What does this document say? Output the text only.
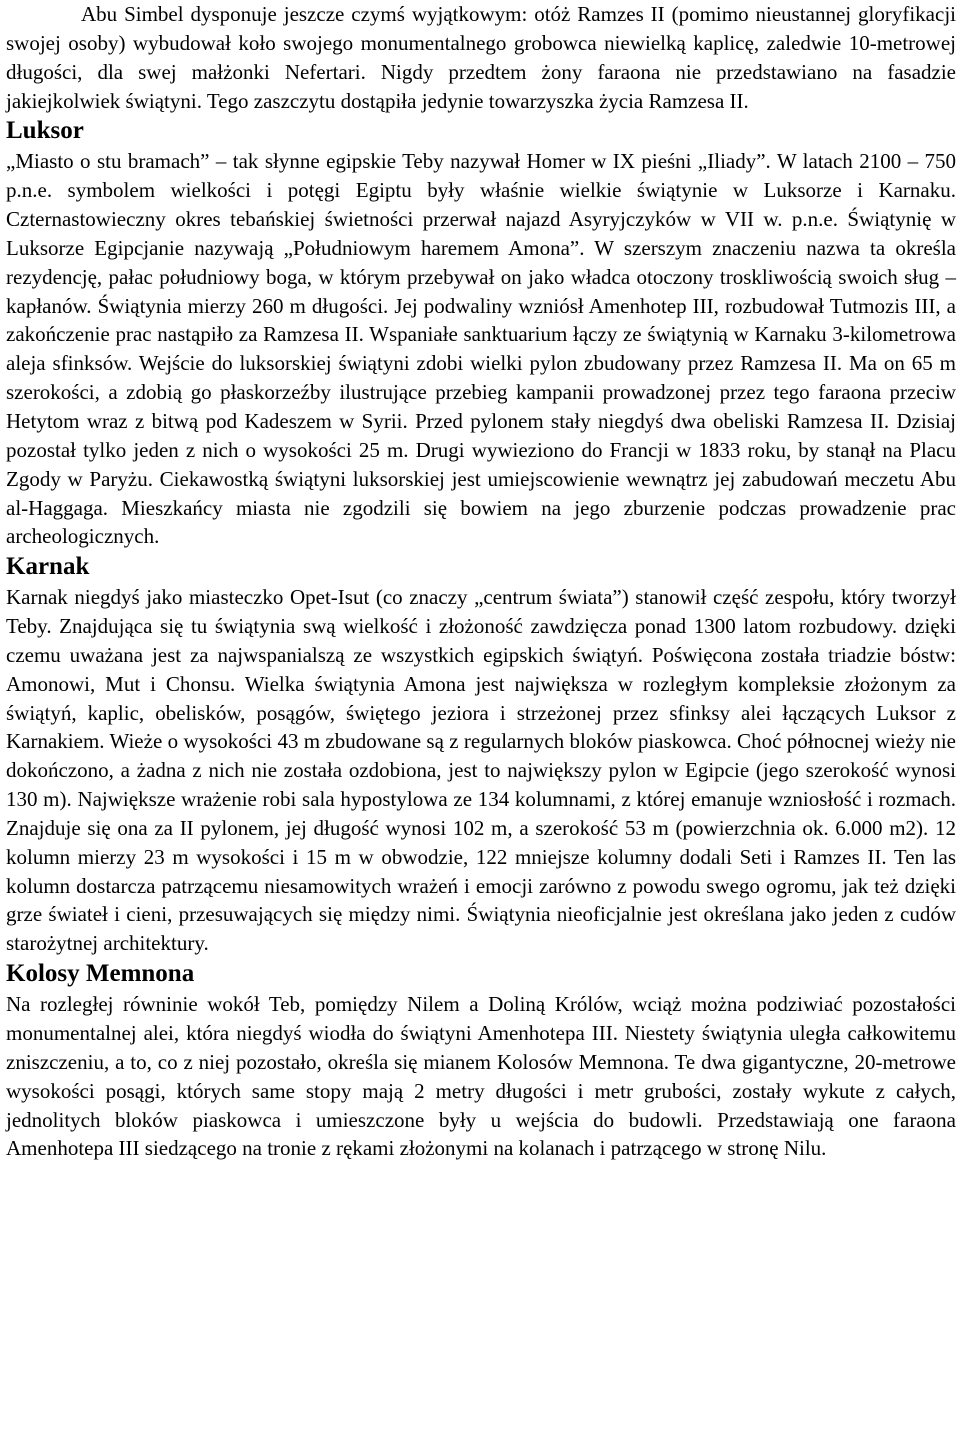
Abu Simbel dysponuje jeszcze czymś wyjątkowym: otóż Ramzes II (pomimo nieustannej gloryfikacji swojej osoby) wybudował koło swojego monumentalnego grobowca niewielką kaplicę, zaledwie 10-metrowej długości, dla swej małżonki Nefertari. Nigdy przedtem żony faraona nie przedstawiano na fasadzie jakiejkolwiek świątyni. Tego zaszczytu dostąpiła jedynie towarzyszka życia Ramzesa II.

Luksor

„Miasto o stu bramach” – tak słynne egipskie Teby nazywał Homer w IX pieśni „Iliady”. W latach 2100 – 750 p.n.e. symbolem wielkości i potęgi Egiptu były właśnie wielkie świątynie w Luksorze i Karnaku. Czternastowieczny okres tebańskiej świetności przerwał najazd Asyryjczyków w VII w. p.n.e. Świątynię w Luksorze Egipcjanie nazywają „Południowym haremem Amona”. W szerszym znaczeniu nazwa ta określa rezydencję, pałac południowy boga, w którym przebywał on jako władca otoczony troskliwością swoich sług – kapłanów. Świątynia mierzy 260 m długości. Jej podwaliny wzniósł Amenhotep III, rozbudował Tutmozis III, a zakończenie prac nastąpiło za Ramzesa II. Wspaniałe sanktuarium łączy ze świątynią w Karnaku 3-kilometrowa aleja sfinksów. Wejście do luksorskiej świątyni zdobi wielki pylon zbudowany przez Ramzesa II. Ma on 65 m szerokości, a zdobią go płaskorzeźby ilustrujące przebieg kampanii prowadzonej przez tego faraona przeciw Hetytom wraz z bitwą pod Kadeszem w Syrii. Przed pylonem stały niegdyś dwa obeliski Ramzesa II. Dzisiaj pozostał tylko jeden z nich o wysokości 25 m. Drugi wywieziono do Francji w 1833 roku, by stanął na Placu Zgody w Paryżu. Ciekawostką świątyni luksorskiej jest umiejscowienie wewnątrz jej zabudowań meczetu Abu al-Haggaga. Mieszkańcy miasta nie zgodzili się bowiem na jego zburzenie podczas prowadzenie prac archeologicznych.

Karnak

Karnak niegdyś jako miasteczko Opet-Isut (co znaczy „centrum świata”) stanowił część zespołu, który tworzył Teby. Znajdująca się tu świątynia swą wielkość i złożoność zawdzięcza ponad 1300 latom rozbudowy. dzięki czemu uważana jest za najwspanialszą ze wszystkich egipskich świątyń. Poświęcona została triadzie bóstw: Amonowi, Mut i Chonsu. Wielka świątynia Amona jest największa w rozległym kompleksie złożonym za świątyń, kaplic, obelisków, posągów, świętego jeziora i strzeżonej przez sfinksy alei łączących Luksor z Karnakiem. Wieże o wysokości 43 m zbudowane są z regularnych bloków piaskowca. Choć północnej wieży nie dokończono, a żadna z nich nie została ozdobiona, jest to największy pylon w Egipcie (jego szerokość wynosi 130 m). Największe wrażenie robi sala hypostylowa ze 134 kolumnami, z której emanuje wzniosłość i rozmach. Znajduje się ona za II pylonem, jej długość wynosi 102 m, a szerokość 53 m (powierzchnia ok. 6.000 m2). 12 kolumn mierzy 23 m wysokości i 15 m w obwodzie, 122 mniejsze kolumny dodali Seti i Ramzes II. Ten las kolumn dostarcza patrzącemu niesamowitych wrażeń i emocji zarówno z powodu swego ogromu, jak też dzięki grze świateł i cieni, przesuwających się między nimi. Świątynia nieoficjalnie jest określana jako jeden z cudów starożytnej architektury.

Kolosy Memnona

Na rozległej równinie wokół Teb, pomiędzy Nilem a Doliną Królów, wciąż można podziwiać pozostałości monumentalnej alei, która niegdyś wiodła do świątyni Amenhotepa III. Niestety świątynia uległa całkowitemu zniszczeniu, a to, co z niej pozostało, określa się mianem Kolosów Memnona. Te dwa gigantyczne, 20-metrowe wysokości posągi, których same stopy mają 2 metry długości i metr grubości, zostały wykute z całych, jednolitych bloków piaskowca i umieszczone były u wejścia do budowli. Przedstawiają one faraona Amenhotepa III siedzącego na tronie z rękami złożonymi na kolanach i patrzącego w stronę Nilu.
